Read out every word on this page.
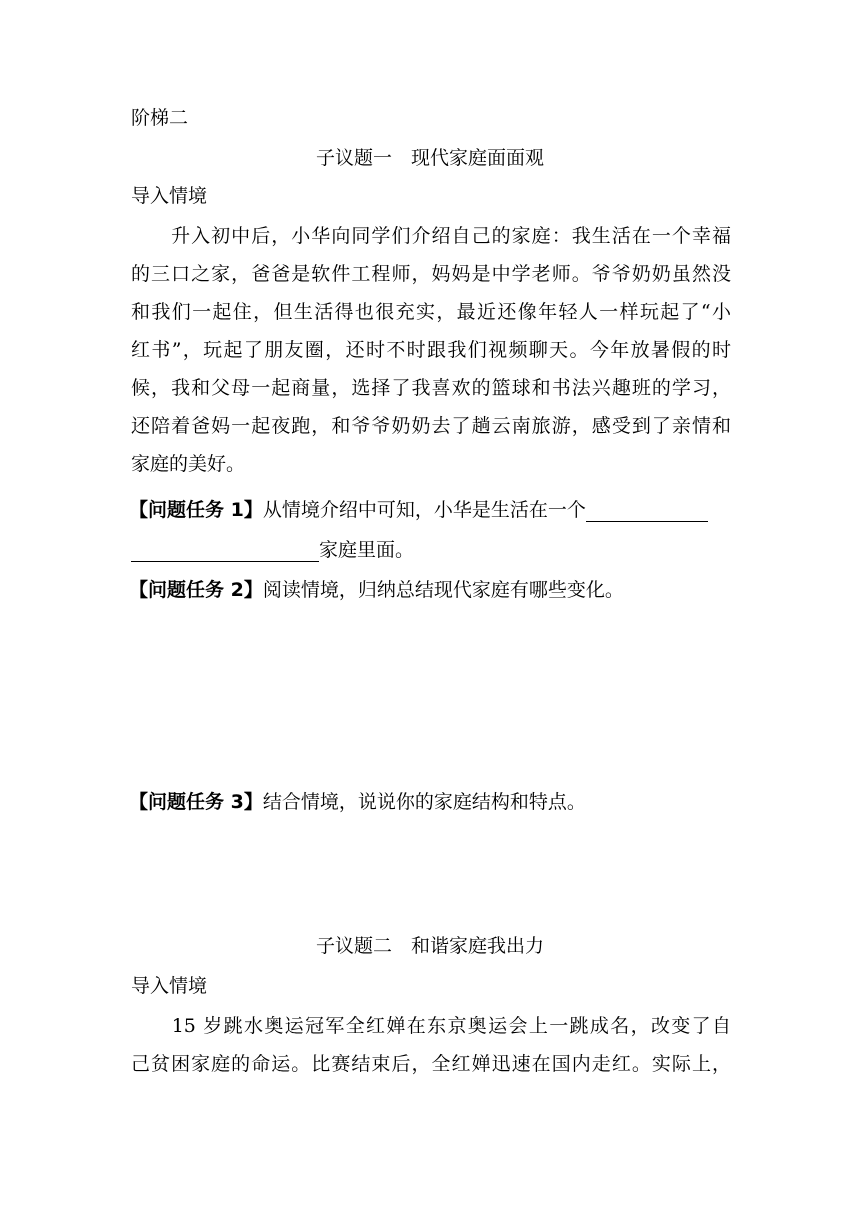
阶梯二
子议题一　现代家庭面面观
导入情境
　　升入初中后，小华向同学们介绍自己的家庭：我生活在一个幸福
的三口之家，爸爸是软件工程师，妈妈是中学老师。爷爷奶奶虽然没
和我们一起住，但生活得也很充实，最近还像年轻人一样玩起了“小
红书”，玩起了朋友圈，还时不时跟我们视频聊天。今年放暑假的时
候，我和父母一起商量，选择了我喜欢的篮球和书法兴趣班的学习，
还陪着爸妈一起夜跑，和爷爷奶奶去了趟云南旅游，感受到了亲情和
家庭的美好。
【问题任务 1】从情境介绍中可知，小华是生活在一个
家庭里面。
【问题任务 2】阅读情境，归纳总结现代家庭有哪些变化。
【问题任务 3】结合情境，说说你的家庭结构和特点。
子议题二　和谐家庭我出力
导入情境
　　15 岁跳水奥运冠军全红婵在东京奥运会上一跳成名，改变了自
己贫困家庭的命运。比赛结束后，全红婵迅速在国内走红。实际上，
